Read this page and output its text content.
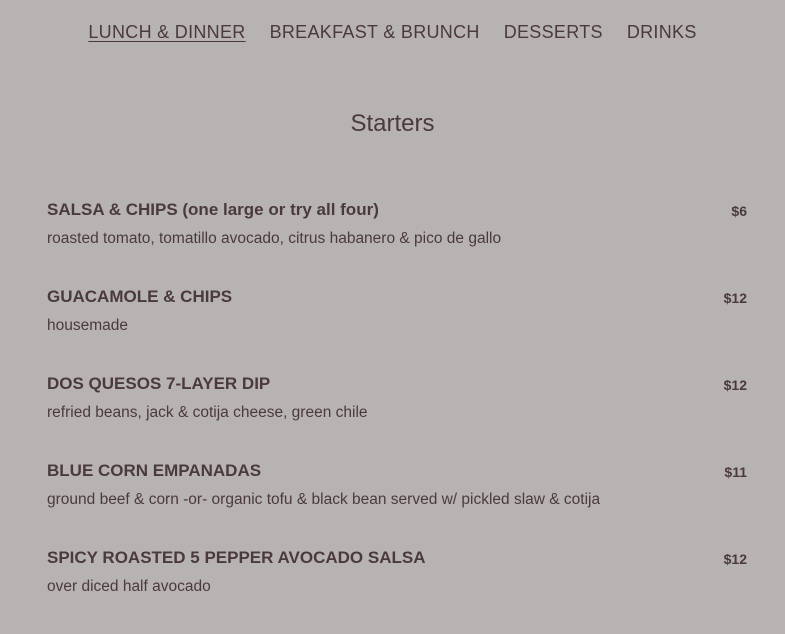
LUNCH & DINNER BREAKFAST & BRUNCH DESSERTS DRINKS
Starters
SALSA & CHIPS (one large or try all four)	$6
roasted tomato, tomatillo avocado, citrus habanero & pico de gallo
GUACAMOLE & CHIPS	$12
housemade
DOS QUESOS 7-LAYER DIP	$12
refried beans, jack & cotija cheese, green chile
BLUE CORN EMPANADAS	$11
ground beef & corn -or- organic tofu & black bean served w/ pickled slaw & cotija
SPICY ROASTED 5 PEPPER AVOCADO SALSA	$12
over diced half avocado
